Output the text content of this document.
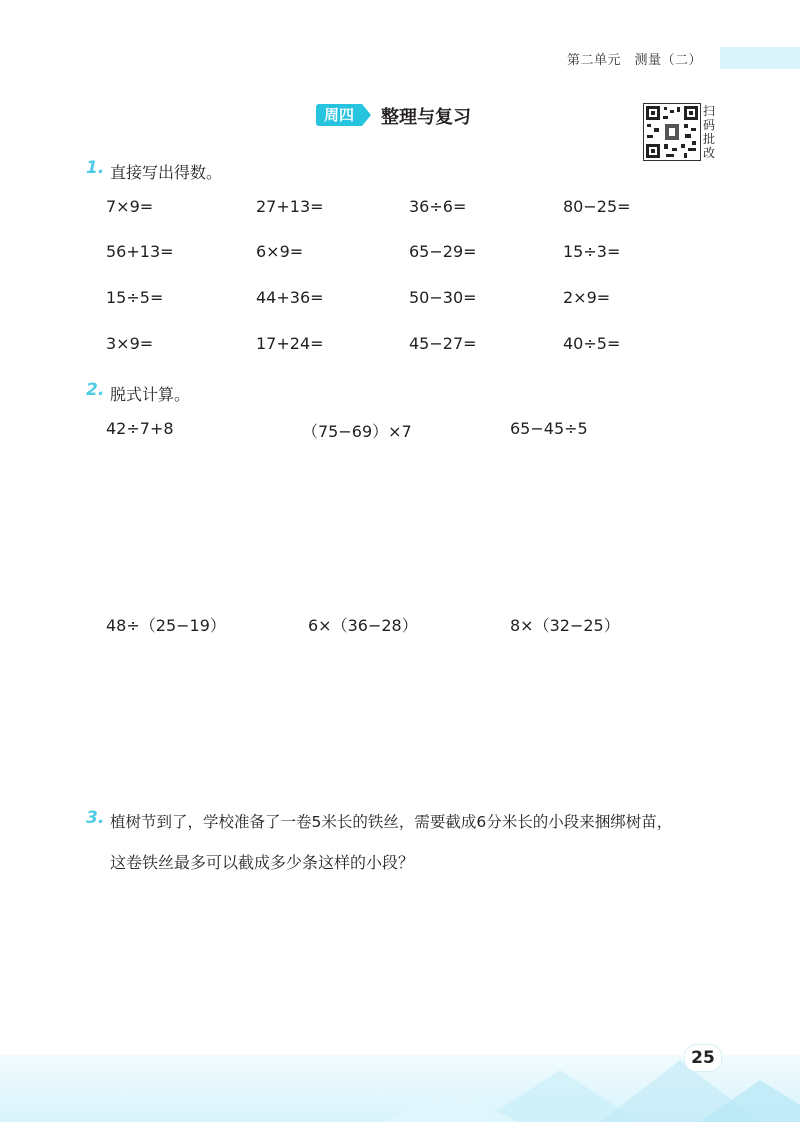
第二单元　测量（二）
周四	整理与复习	扫码批改
1. 直接写出得数。
7×9=	27+13=	36÷6=	80−25=
56+13=	6×9=	65−29=	15÷3=
15÷5=	44+36=	50−30=	2×9=
3×9=	17+24=	45−27=	40÷5=
2. 脱式计算。
42÷7+8	（75−69）×7	65−45÷5
48÷（25−19）	6×（36−28）	8×（32−25）
3. 植树节到了，学校准备了一卷5米长的铁丝，需要截成6分米长的小段来捆绑树苗，
这卷铁丝最多可以截成多少条这样的小段？
25
